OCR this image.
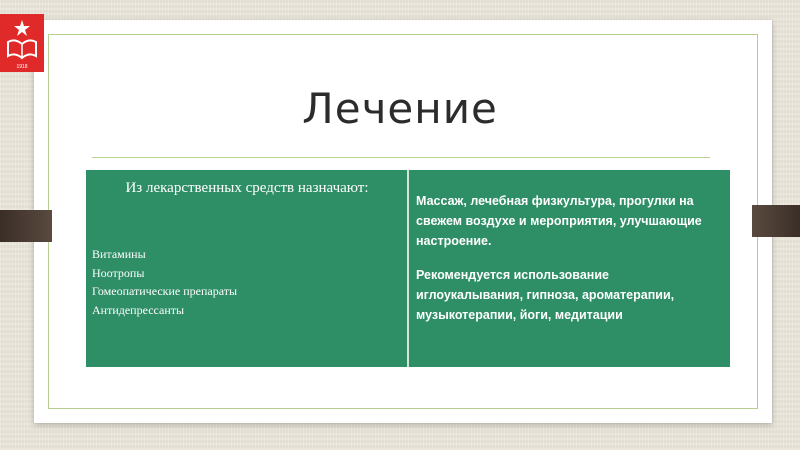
1918
Лечение
Из лекарственных средств назначают:
Витамины
Ноотропы
Гомеопатические препараты
Антидепрессанты

Массаж, лечебная физкультура, прогулки на свежем воздухе и мероприятия, улучшающие настроение.

Рекомендуется использование иглоукалывания, гипноза, ароматерапии, музыкотерапии, йоги, медитации
